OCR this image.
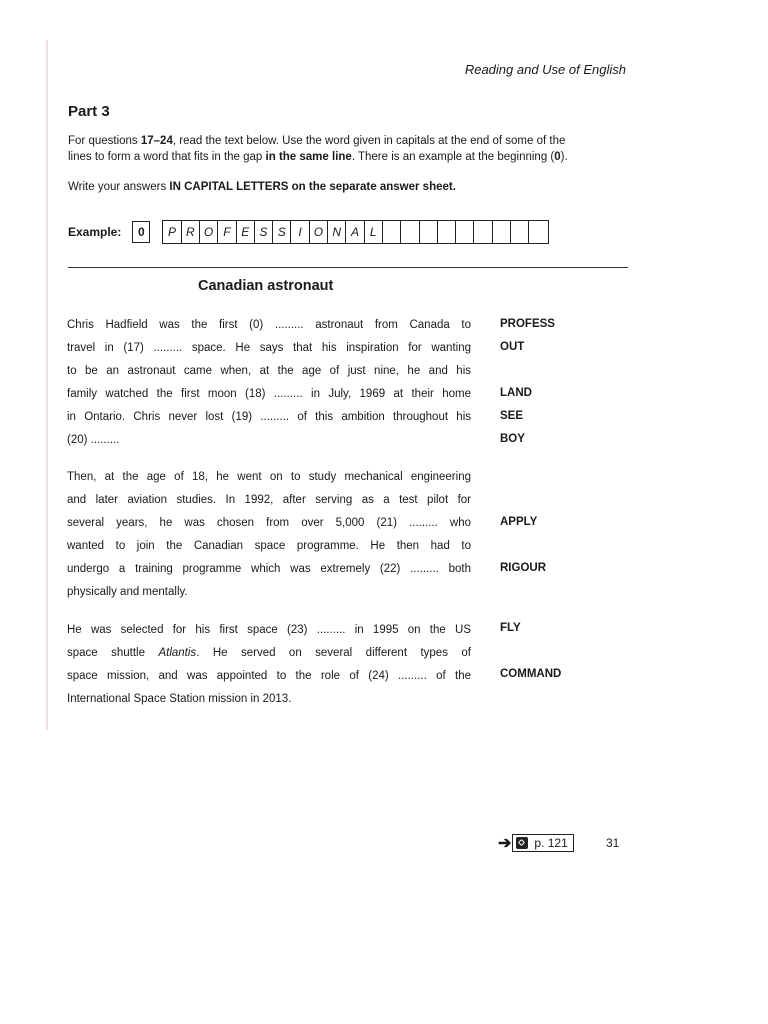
Reading and Use of English
Part 3
For questions 17–24, read the text below. Use the word given in capitals at the end of some of the
lines to form a word that fits in the gap in the same line. There is an example at the beginning (0).
Write your answers IN CAPITAL LETTERS on the separate answer sheet.
Example:	0	P R O F E S S	I O N A L
Canadian astronaut
Chris Hadfield was the first (0) ......... astronaut from Canada to
travel in (17) ......... space. He says that his inspiration for wanting
to be an astronaut came when, at the age of just nine, he and his
family watched the first moon (18) ......... in July, 1969 at their home
in Ontario. Chris never lost (19) ......... of this ambition throughout his
(20) .........
Then, at the age of 18, he went on to study mechanical engineering
and later aviation studies. In 1992, after serving as a test pilot for
several years, he was chosen from over 5,000 (21) ......... who
wanted to join the Canadian space programme. He then had to
undergo a training programme which was extremely (22) ......... both
physically and mentally.
He was selected for his first space (23) ......... in 1995 on the US
space shuttle Atlantis. He served on several different types of
space mission, and was appointed to the role of (24) ......... of the
International Space Station mission in 2013.
PROFESS
OUT
LAND
SEE
BOY
APPLY
RIGOUR
FLY
COMMAND
➔ p. 121	31
